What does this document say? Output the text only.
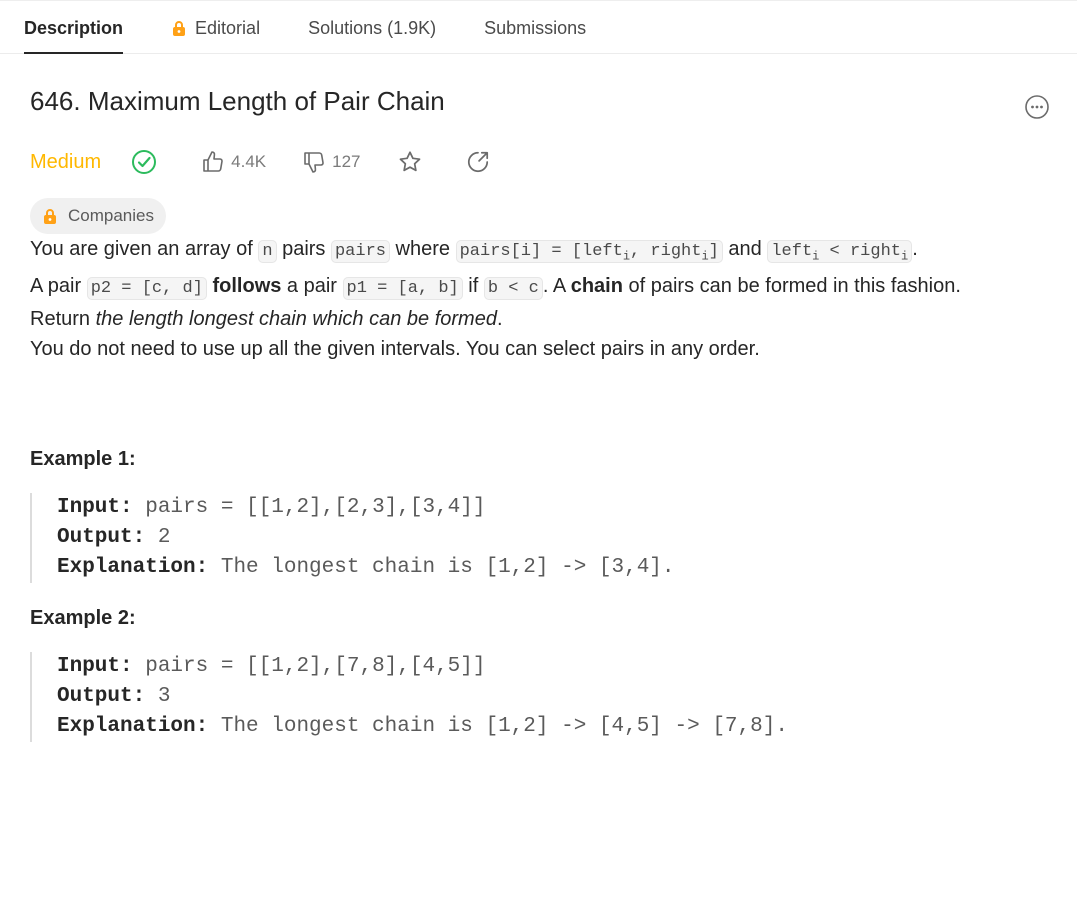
Description	Editorial	Solutions (1.9K)	Submissions
646. Maximum Length of Pair Chain
Medium	4.4K	127
Companies

You are given an array of n pairs pairs where pairs[i] = [left$_i$, right$_i$] and left$_i$ < right$_i$ .

A pair p2 = [c, d] follows a pair p1 = [a, b] if b < c . A chain of pairs can be formed in this fashion.

Return the length longest chain which can be formed.

You do not need to use up all the given intervals. You can select pairs in any order.

Example 1:

Input: pairs = [[1,2],[2,3],[3,4]]
Output: 2
Explanation: The longest chain is [1,2] -> [3,4].

Example 2:

Input: pairs = [[1,2],[7,8],[4,5]]
Output: 3
Explanation: The longest chain is [1,2] -> [4,5] -> [7,8].
